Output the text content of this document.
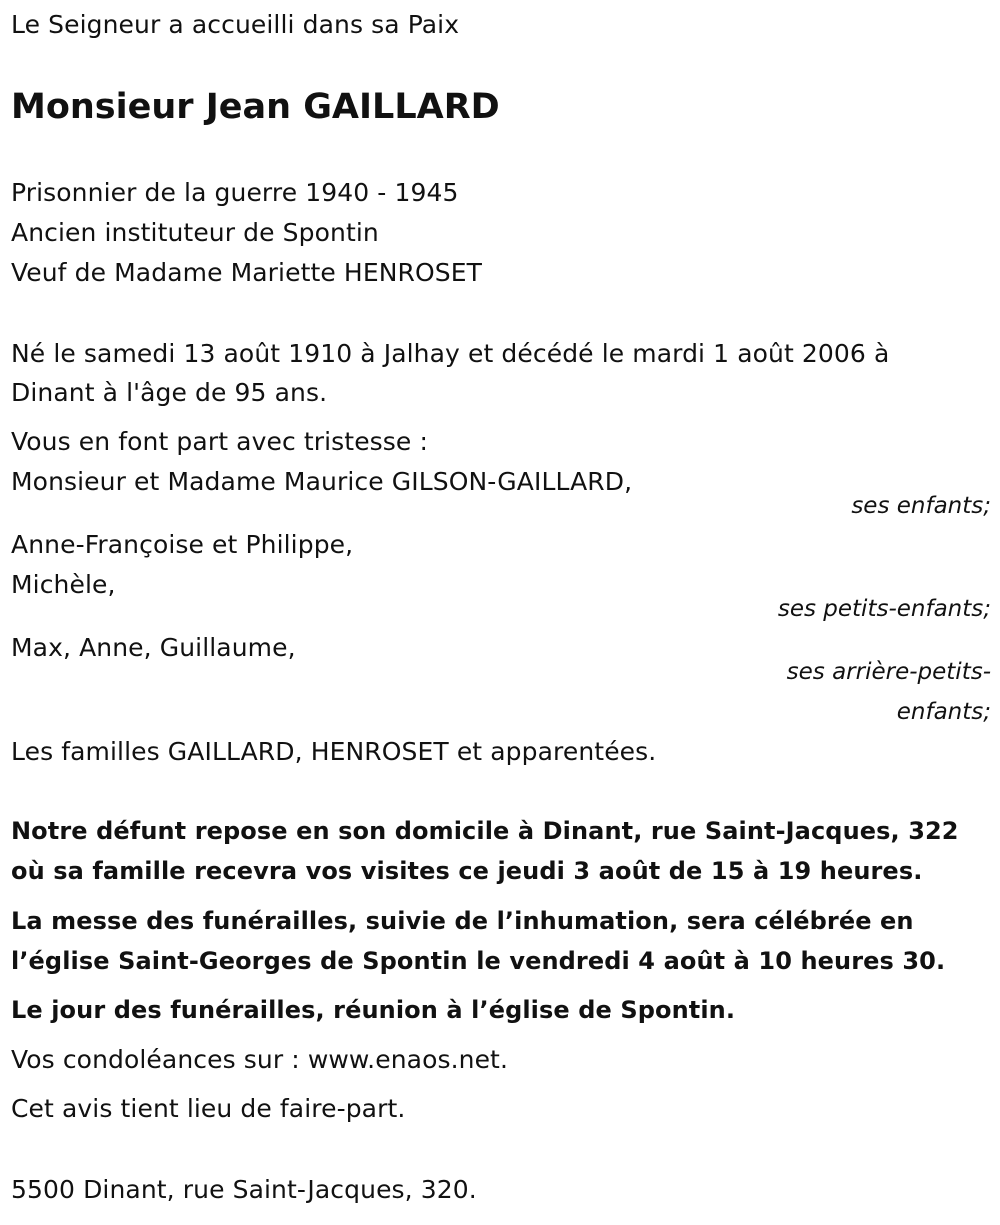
Le Seigneur a accueilli dans sa Paix
Monsieur Jean GAILLARD
Prisonnier de la guerre 1940 - 1945
Ancien instituteur de Spontin
Veuf de Madame Mariette HENROSET
Né le samedi 13 août 1910 à Jalhay et décédé le mardi 1 août 2006 à
Dinant à l'âge de 95 ans.
Vous en font part avec tristesse :
Monsieur et Madame Maurice GILSON-GAILLARD,
ses enfants;
Anne-Françoise et Philippe,
Michèle,
ses petits-enfants;
Max, Anne, Guillaume,
ses arrière-petits-
enfants;
Les familles GAILLARD, HENROSET et apparentées.
Notre défunt repose en son domicile à Dinant, rue Saint-Jacques, 322
où sa famille recevra vos visites ce jeudi 3 août de 15 à 19 heures.
La messe des funérailles, suivie de l’inhumation, sera célébrée en
l’église Saint-Georges de Spontin le vendredi 4 août à 10 heures 30.
Le jour des funérailles, réunion à l’église de Spontin.
Vos condoléances sur : www.enaos.net.
Cet avis tient lieu de faire-part.
5500 Dinant, rue Saint-Jacques, 320.
